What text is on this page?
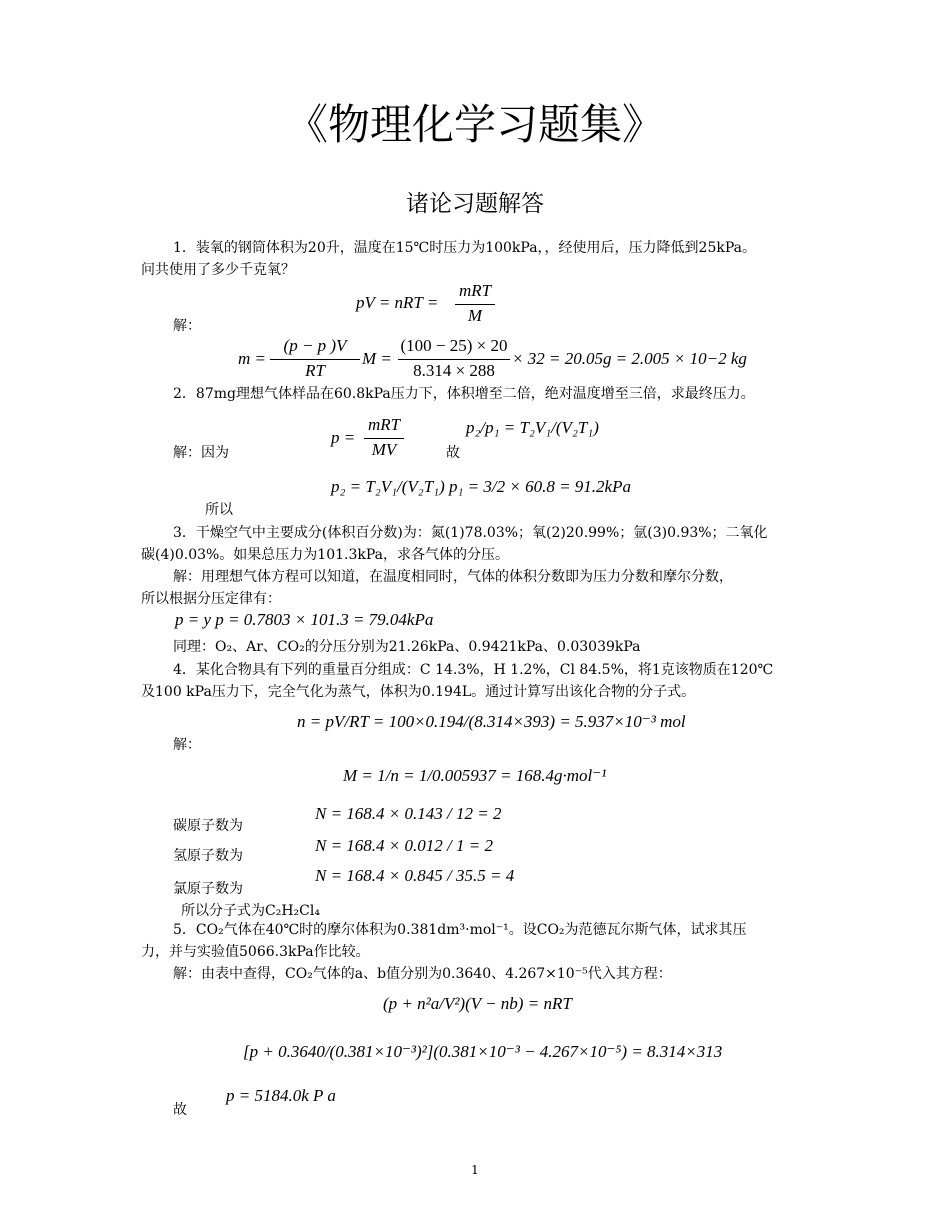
《物理化学习题集》
诸论习题解答
1．装氧的钢筒体积为20升，温度在15℃时压力为100kPa，，经使用后，压力降低到25kPa。
问共使用了多少千克氧？
pV = nRT =
mRT
M
解：
m =
(p − p )V
RT
M =
(100 − 25) × 20
8.314 × 288
× 32 = 20.05g = 2.005 × 10−2 kg
2．87mg理想气体样品在60.8kPa压力下，体积增至二倍，绝对温度增至三倍，求最终压力。
解：因为
p =
mRT
MV	故
p₂/p₁ = T₂V₁/(V₂T₁)
所以
p₂ = T₂V₁/(V₂T₁) p₁ = 3/2 × 60.8 = 91.2kPa
3．干燥空气中主要成分(体积百分数)为：氮(1)78.03%；氧(2)20.99%；氩(3)0.93%；二氧化
碳(4)0.03%。如果总压力为101.3kPa，求各气体的分压。
解：用理想气体方程可以知道，在温度相同时，气体的体积分数即为压力分数和摩尔分数，
所以根据分压定律有：
p = y p = 0.7803 × 101.3 = 79.04kPa
同理：O₂、Ar、CO₂的分压分别为21.26kPa、0.9421kPa、0.03039kPa
4．某化合物具有下列的重量百分组成：C 14.3%，H 1.2%，Cl 84.5%，将1克该物质在120℃
及100 kPa压力下，完全气化为蒸气，体积为0.194L。通过计算写出该化合物的分子式。
解：
n = pV/RT = 100×0.194/(8.314×393) = 5.937×10⁻³ mol
M = 1/n = 1/0.005937 = 168.4g·mol⁻¹
碳原子数为
N = 168.4 × 0.143 / 12 = 2
氢原子数为
N = 168.4 × 0.012 / 1 = 2
氯原子数为
N = 168.4 × 0.845 / 35.5 = 4
所以分子式为C₂H₂Cl₄
5．CO₂气体在40℃时的摩尔体积为0.381dm³·mol⁻¹。设CO₂为范德瓦尔斯气体，试求其压
力，并与实验值5066.3kPa作比较。
解：由表中查得，CO₂气体的a、b值分别为0.3640、4.267×10⁻⁵代入其方程：
(p + n²a/V²)(V − nb) = nRT
[p + 0.3640/(0.381×10⁻³)²](0.381×10⁻³ − 4.267×10⁻⁵) = 8.314×313
故
p = 5184.0k P a
1
